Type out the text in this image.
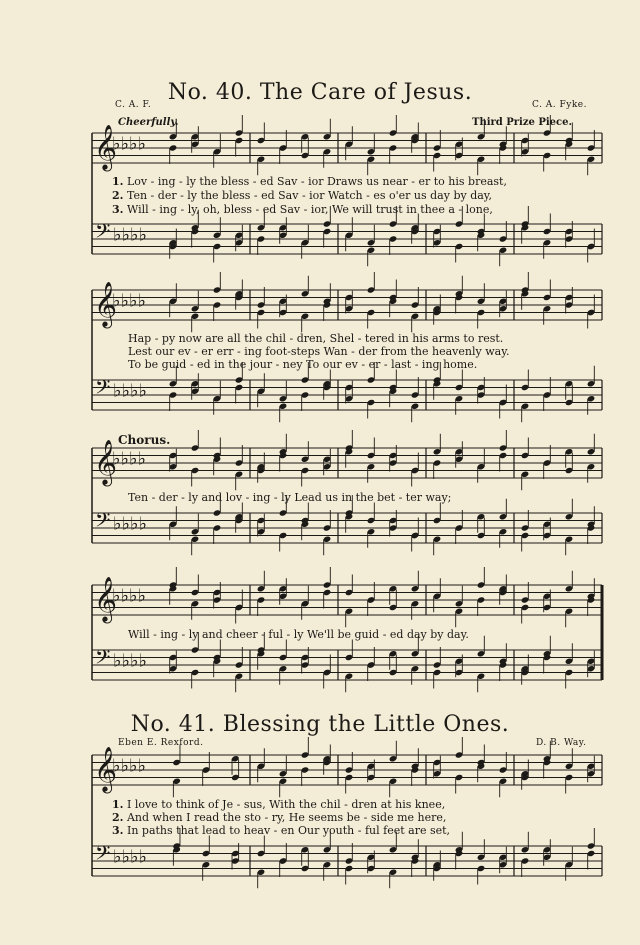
No. 40. The Care of Jesus.
C. A. F.	C. A. Fyke.
Cheerfully.	Third Prize Piece.
1. Lov - ing - ly the bless - ed Sav - ior Draws us near - er to his breast,
2. Ten - der - ly the bless - ed Sav - ior Watch - es o'er us day by day,
3. Will - ing - ly, oh, bless - ed Sav - ior, We will trust in thee a - lone,
Hap - py now are all the chil - dren, Shel - tered in his arms to rest.
Lest our ev - er err - ing foot-steps Wan - der from the heavenly way.
To be guid - ed in the jour - ney To our ev - er - last - ing home.
Chorus.
Ten - der - ly and lov - ing - ly Lead us in the bet - ter way;
Will - ing - ly and cheer - ful - ly We'll be guid - ed day by day.
No. 41. Blessing the Little Ones.
Eben E. Rexford.	D. B. Way.
1. I love to think of Je - sus, With the chil - dren at his knee,
2. And when I read the sto - ry, He seems be - side me here,
3. In paths that lead to heav - en Our youth - ful feet are set,
𝄞
♭♭♭♭
𝄢 ♭♭♭♭
𝄞
♭♭♭♭
𝄢 ♭♭♭♭
𝄞
♭♭♭♭
𝄢 ♭♭♭♭
𝄞
♭♭♭♭
𝄢 ♭♭♭♭
𝄞
♭♭♭♭
𝄢 ♭♭♭♭
